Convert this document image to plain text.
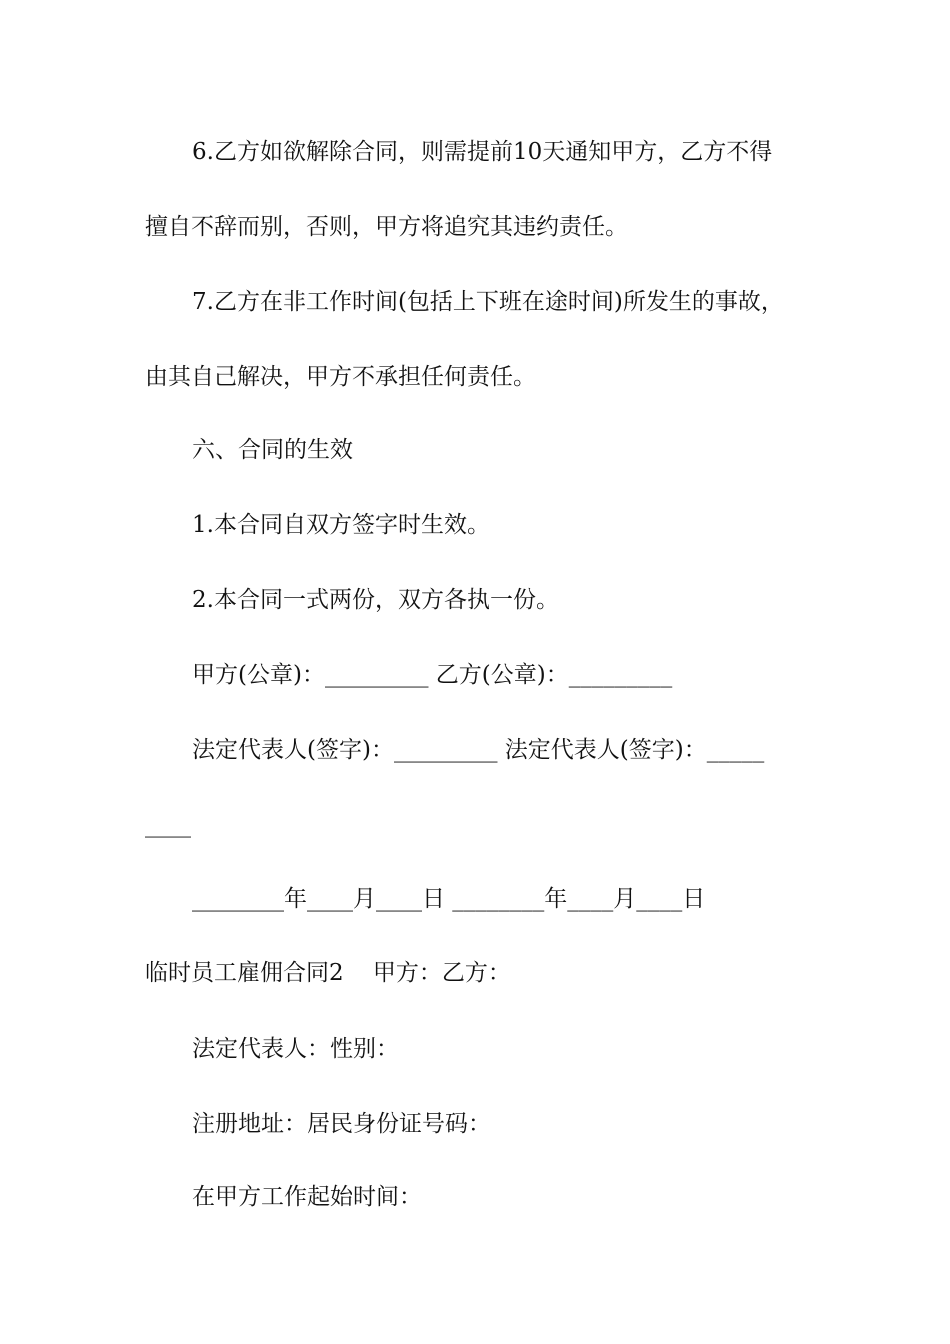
6.乙方如欲解除合同，则需提前10天通知甲方，乙方不得
擅自不辞而别，否则，甲方将追究其违约责任。
7.乙方在非工作时间(包括上下班在途时间)所发生的事故，
由其自己解决，甲方不承担任何责任。
六、合同的生效
1.本合同自双方签字时生效。
2.本合同一式两份，双方各执一份。
甲方(公章)：_________ 乙方(公章)：_________
法定代表人(签字)：_________ 法定代表人(签字)：_____
____
________年____月____日 ________年____月____日
临时员工雇佣合同2    甲方：乙方：
法定代表人：性别：
注册地址：居民身份证号码：
在甲方工作起始时间：
